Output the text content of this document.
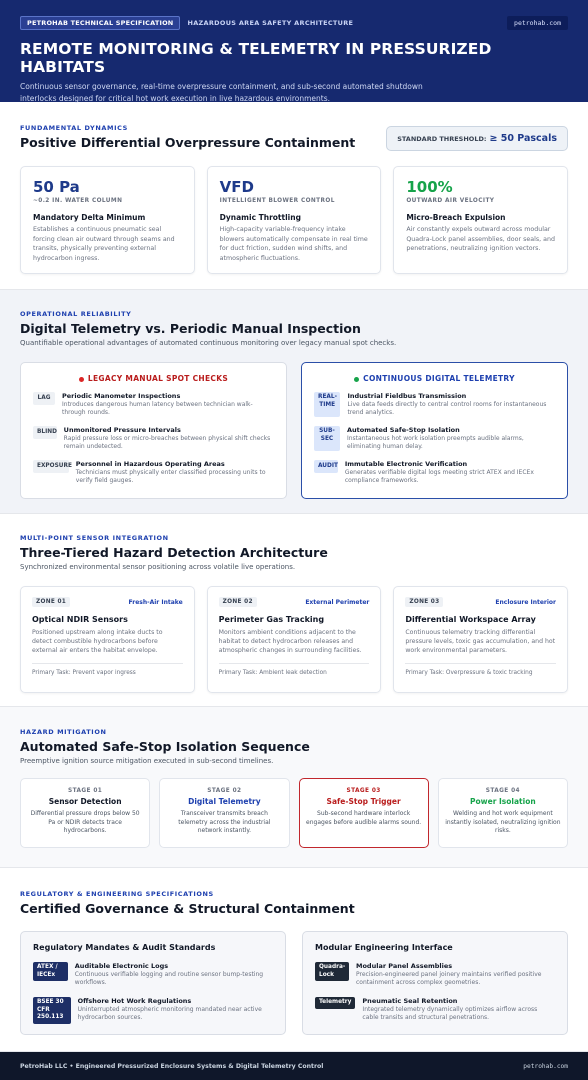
PETROHAB TECHNICAL SPECIFICATION	HAZARDOUS AREA SAFETY ARCHITECTURE	petrohab.com
REMOTE MONITORING & TELEMETRY IN PRESSURIZED HABITATS

Continuous sensor governance, real-time overpressure containment, and sub-second automated shutdown interlocks designed for critical hot work execution in live hazardous environments.

FUNDAMENTAL DYNAMICS
Positive Differential Overpressure Containment	STANDARD THRESHOLD: ≥ 50 Pascals
50 Pa
~0.2 IN. WATER COLUMN
Mandatory Delta Minimum
Establishes a continuous pneumatic seal forcing clean air outward through seams and transits, physically preventing external hydrocarbon ingress.
VFD
INTELLIGENT BLOWER CONTROL
Dynamic Throttling
High-capacity variable-frequency intake blowers automatically compensate in real time for duct friction, sudden wind shifts, and atmospheric fluctuations.
100%
OUTWARD AIR VELOCITY
Micro-Breach Expulsion
Air constantly expels outward across modular Quadra-Lock panel assemblies, door seals, and penetrations, neutralizing ignition vectors.
OPERATIONAL RELIABILITY
Digital Telemetry vs. Periodic Manual Inspection
Quantifiable operational advantages of automated continuous monitoring over legacy manual spot checks.
LEGACY MANUAL SPOT CHECKS
LAG	Periodic Manometer Inspections
Introduces dangerous human latency between technician walk-through rounds.
BLIND Unmonitored Pressure Intervals
Rapid pressure loss or micro-breaches between physical shift checks remain undetected.
EXPOSURE Personnel in Hazardous Operating Areas
Technicians must physically enter classified processing units to verify field gauges.
CONTINUOUS DIGITAL TELEMETRY
REAL-TIME
Industrial Fieldbus Transmission
Live data feeds directly to central control rooms for instantaneous trend analytics.
SUB-SEC
Automated Safe-Stop Isolation
Instantaneous hot work isolation preempts audible alarms, eliminating human delay.
AUDIT Immutable Electronic Verification
Generates verifiable digital logs meeting strict ATEX and IECEx compliance frameworks.
MULTI-POINT SENSOR INTEGRATION
Three-Tiered Hazard Detection Architecture
Synchronized environmental sensor positioning across volatile live operations.
ZONE 01	Fresh-Air Intake
Optical NDIR Sensors
Positioned upstream along intake ducts to detect combustible hydrocarbons before external air enters the habitat envelope.
Primary Task: Prevent vapor ingress
ZONE 02	External Perimeter
Perimeter Gas Tracking
Monitors ambient conditions adjacent to the habitat to detect hydrocarbon releases and atmospheric changes in surrounding facilities.
Primary Task: Ambient leak detection
ZONE 03	Enclosure Interior
Differential Workspace Array
Continuous telemetry tracking differential pressure levels, toxic gas accumulation, and hot work environmental parameters.
Primary Task: Overpressure & toxic tracking
HAZARD MITIGATION
Automated Safe-Stop Isolation Sequence
Preemptive ignition source mitigation executed in sub-second timelines.
STAGE 01
Sensor Detection
Differential pressure drops below 50 Pa or NDIR detects trace hydrocarbons.
STAGE 02
Digital Telemetry
Transceiver transmits breach telemetry across the industrial network instantly.
STAGE 03
Safe-Stop Trigger
Sub-second hardware interlock engages before audible alarms sound.
STAGE 04
Power Isolation
Welding and hot work equipment instantly isolated, neutralizing ignition risks.
REGULATORY & ENGINEERING SPECIFICATIONS
Certified Governance & Structural Containment
Regulatory Mandates & Audit Standards
ATEX / IECEx
Auditable Electronic Logs
Continuous verifiable logging and routine sensor bump-testing workflows.
BSEE 30 CFR 250.113
Offshore Hot Work Regulations
Uninterrupted atmospheric monitoring mandated near active hydrocarbon sources.
Modular Engineering Interface
Quadra-Lock
Modular Panel Assemblies
Precision-engineered panel joinery maintains verified positive containment across complex geometries.
Telemetry	Pneumatic Seal Retention
Integrated telemetry dynamically optimizes airflow across cable transits and structural penetrations.
PetroHab LLC • Engineered Pressurized Enclosure Systems & Digital Telemetry Control	petrohab.com
